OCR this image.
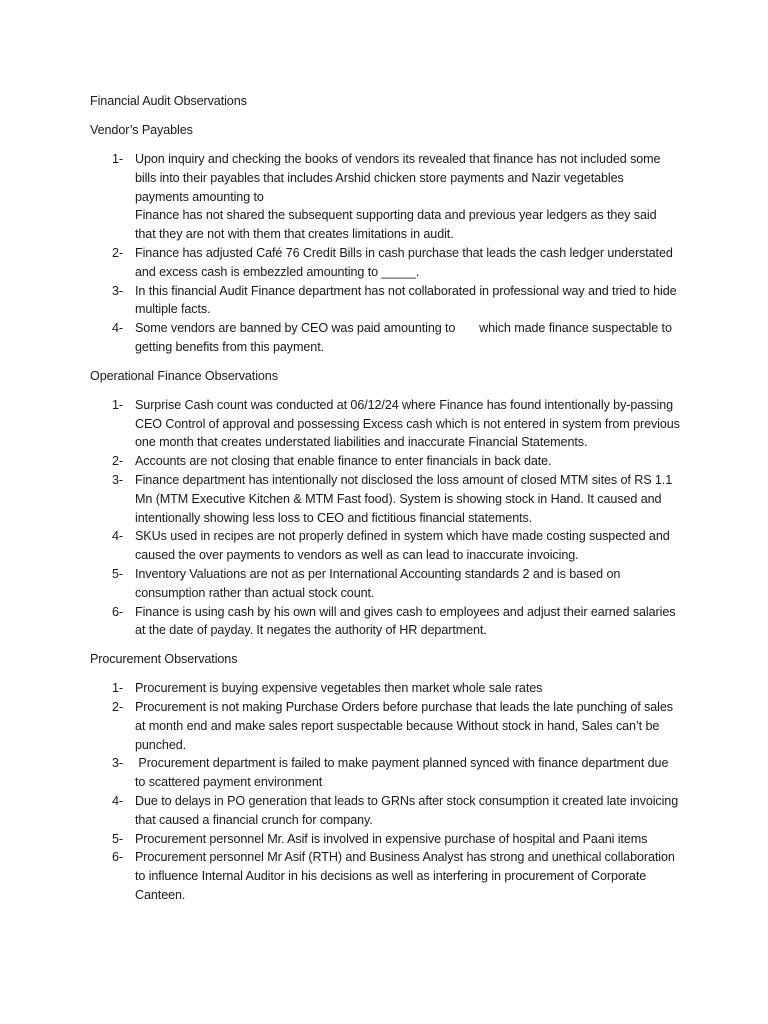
Financial Audit Observations
Vendor’s Payables
1- Upon inquiry and checking the books of vendors its revealed that finance has not included some bills into their payables that includes Arshid chicken store payments and Nazir vegetables payments amounting to
Finance has not shared the subsequent supporting data and previous year ledgers as they said that they are not with them that creates limitations in audit.
2- Finance has adjusted Café 76 Credit Bills in cash purchase that leads the cash ledger understated and excess cash is embezzled amounting to _____.
3- In this financial Audit Finance department has not collaborated in professional way and tried to hide multiple facts.
4- Some vendors are banned by CEO was paid amounting to       which made finance suspectable to getting benefits from this payment.
Operational Finance Observations
1- Surprise Cash count was conducted at 06/12/24 where Finance has found intentionally by-passing CEO Control of approval and possessing Excess cash which is not entered in system from previous one month that creates understated liabilities and inaccurate Financial Statements.
2- Accounts are not closing that enable finance to enter financials in back date.
3- Finance department has intentionally not disclosed the loss amount of closed MTM sites of RS 1.1 Mn (MTM Executive Kitchen & MTM Fast food). System is showing stock in Hand. It caused and intentionally showing less loss to CEO and fictitious financial statements.
4- SKUs used in recipes are not properly defined in system which have made costing suspected and caused the over payments to vendors as well as can lead to inaccurate invoicing.
5- Inventory Valuations are not as per International Accounting standards 2 and is based on consumption rather than actual stock count.
6- Finance is using cash by his own will and gives cash to employees and adjust their earned salaries at the date of payday. It negates the authority of HR department.
Procurement Observations
1- Procurement is buying expensive vegetables then market whole sale rates
2- Procurement is not making Purchase Orders before purchase that leads the late punching of sales at month end and make sales report suspectable because Without stock in hand, Sales can’t be punched.
3- Procurement department is failed to make payment planned synced with finance department due to scattered payment environment
4- Due to delays in PO generation that leads to GRNs after stock consumption it created late invoicing that caused a financial crunch for company.
5- Procurement personnel Mr. Asif is involved in expensive purchase of hospital and Paani items
6- Procurement personnel Mr Asif (RTH) and Business Analyst has strong and unethical collaboration to influence Internal Auditor in his decisions as well as interfering in procurement of Corporate Canteen.
